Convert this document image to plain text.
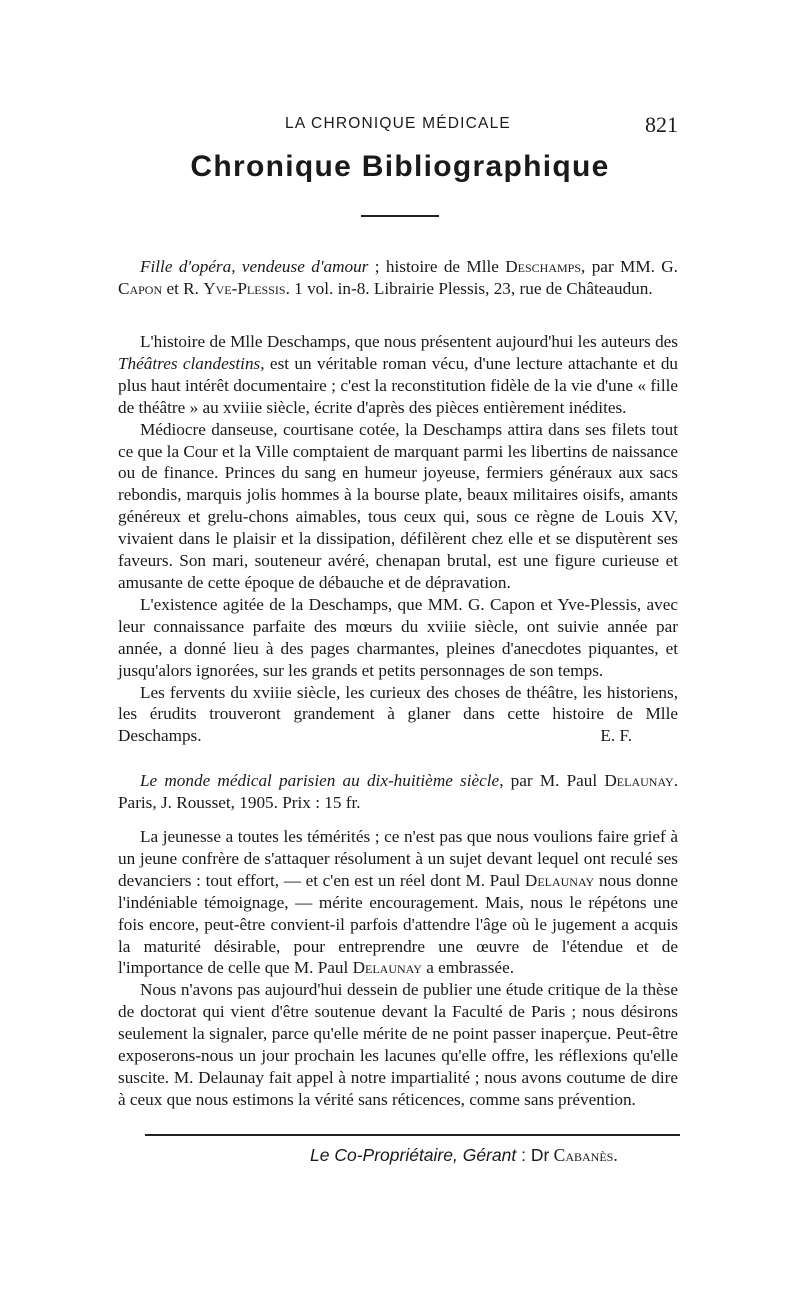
LA CHRONIQUE MÉDICALE	821
Chronique Bibliographique

Fille d'opéra, vendeuse d'amour ; histoire de Mlle Deschamps, par MM. G. Capon et R. Yve-Plessis. 1 vol. in-8. Librairie Plessis, 23, rue de Châteaudun.

L'histoire de Mlle Deschamps, que nous présentent aujourd'hui les auteurs des Théâtres clandestins, est un véritable roman vécu, d'une lecture attachante et du plus haut intérêt documentaire ; c'est la reconstitution fidèle de la vie d'une « fille de théâtre » au xviiie siècle, écrite d'après des pièces entièrement inédites.

Médiocre danseuse, courtisane cotée, la Deschamps attira dans ses filets tout ce que la Cour et la Ville comptaient de marquant parmi les libertins de naissance ou de finance. Princes du sang en humeur joyeuse, fermiers généraux aux sacs rebondis, marquis jolis hommes à la bourse plate, beaux militaires oisifs, amants généreux et grelu-chons aimables, tous ceux qui, sous ce règne de Louis XV, vivaient dans le plaisir et la dissipation, défilèrent chez elle et se disputèrent ses faveurs. Son mari, souteneur avéré, chenapan brutal, est une figure curieuse et amusante de cette époque de débauche et de dépravation.

L'existence agitée de la Deschamps, que MM. G. Capon et Yve-Plessis, avec leur connaissance parfaite des mœurs du xviiie siècle, ont suivie année par année, a donné lieu à des pages charmantes, pleines d'anecdotes piquantes, et jusqu'alors ignorées, sur les grands et petits personnages de son temps.

Les fervents du xviiie siècle, les curieux des choses de théâtre, les historiens, les érudits trouveront grandement à glaner dans cette histoire de Mlle Deschamps.	E. F.

Le monde médical parisien au dix-huitième siècle, par M. Paul Delaunay. Paris, J. Rousset, 1905. Prix : 15 fr.

La jeunesse a toutes les témérités ; ce n'est pas que nous voulions faire grief à un jeune confrère de s'attaquer résolument à un sujet devant lequel ont reculé ses devanciers : tout effort, — et c'en est un réel dont M. Paul Delaunay nous donne l'indéniable témoignage, — mérite encouragement. Mais, nous le répétons une fois encore, peut-être convient-il parfois d'attendre l'âge où le jugement a acquis la maturité désirable, pour entreprendre une œuvre de l'étendue et de l'importance de celle que M. Paul Delaunay a embrassée.

Nous n'avons pas aujourd'hui dessein de publier une étude critique de la thèse de doctorat qui vient d'être soutenue devant la Faculté de Paris ; nous désirons seulement la signaler, parce qu'elle mérite de ne point passer inaperçue. Peut-être exposerons-nous un jour prochain les lacunes qu'elle offre, les réflexions qu'elle suscite. M. Delaunay fait appel à notre impartialité ; nous avons coutume de dire à ceux que nous estimons la vérité sans réticences, comme sans prévention.

Le Co-Propriétaire, Gérant : Dr Cabanès.
